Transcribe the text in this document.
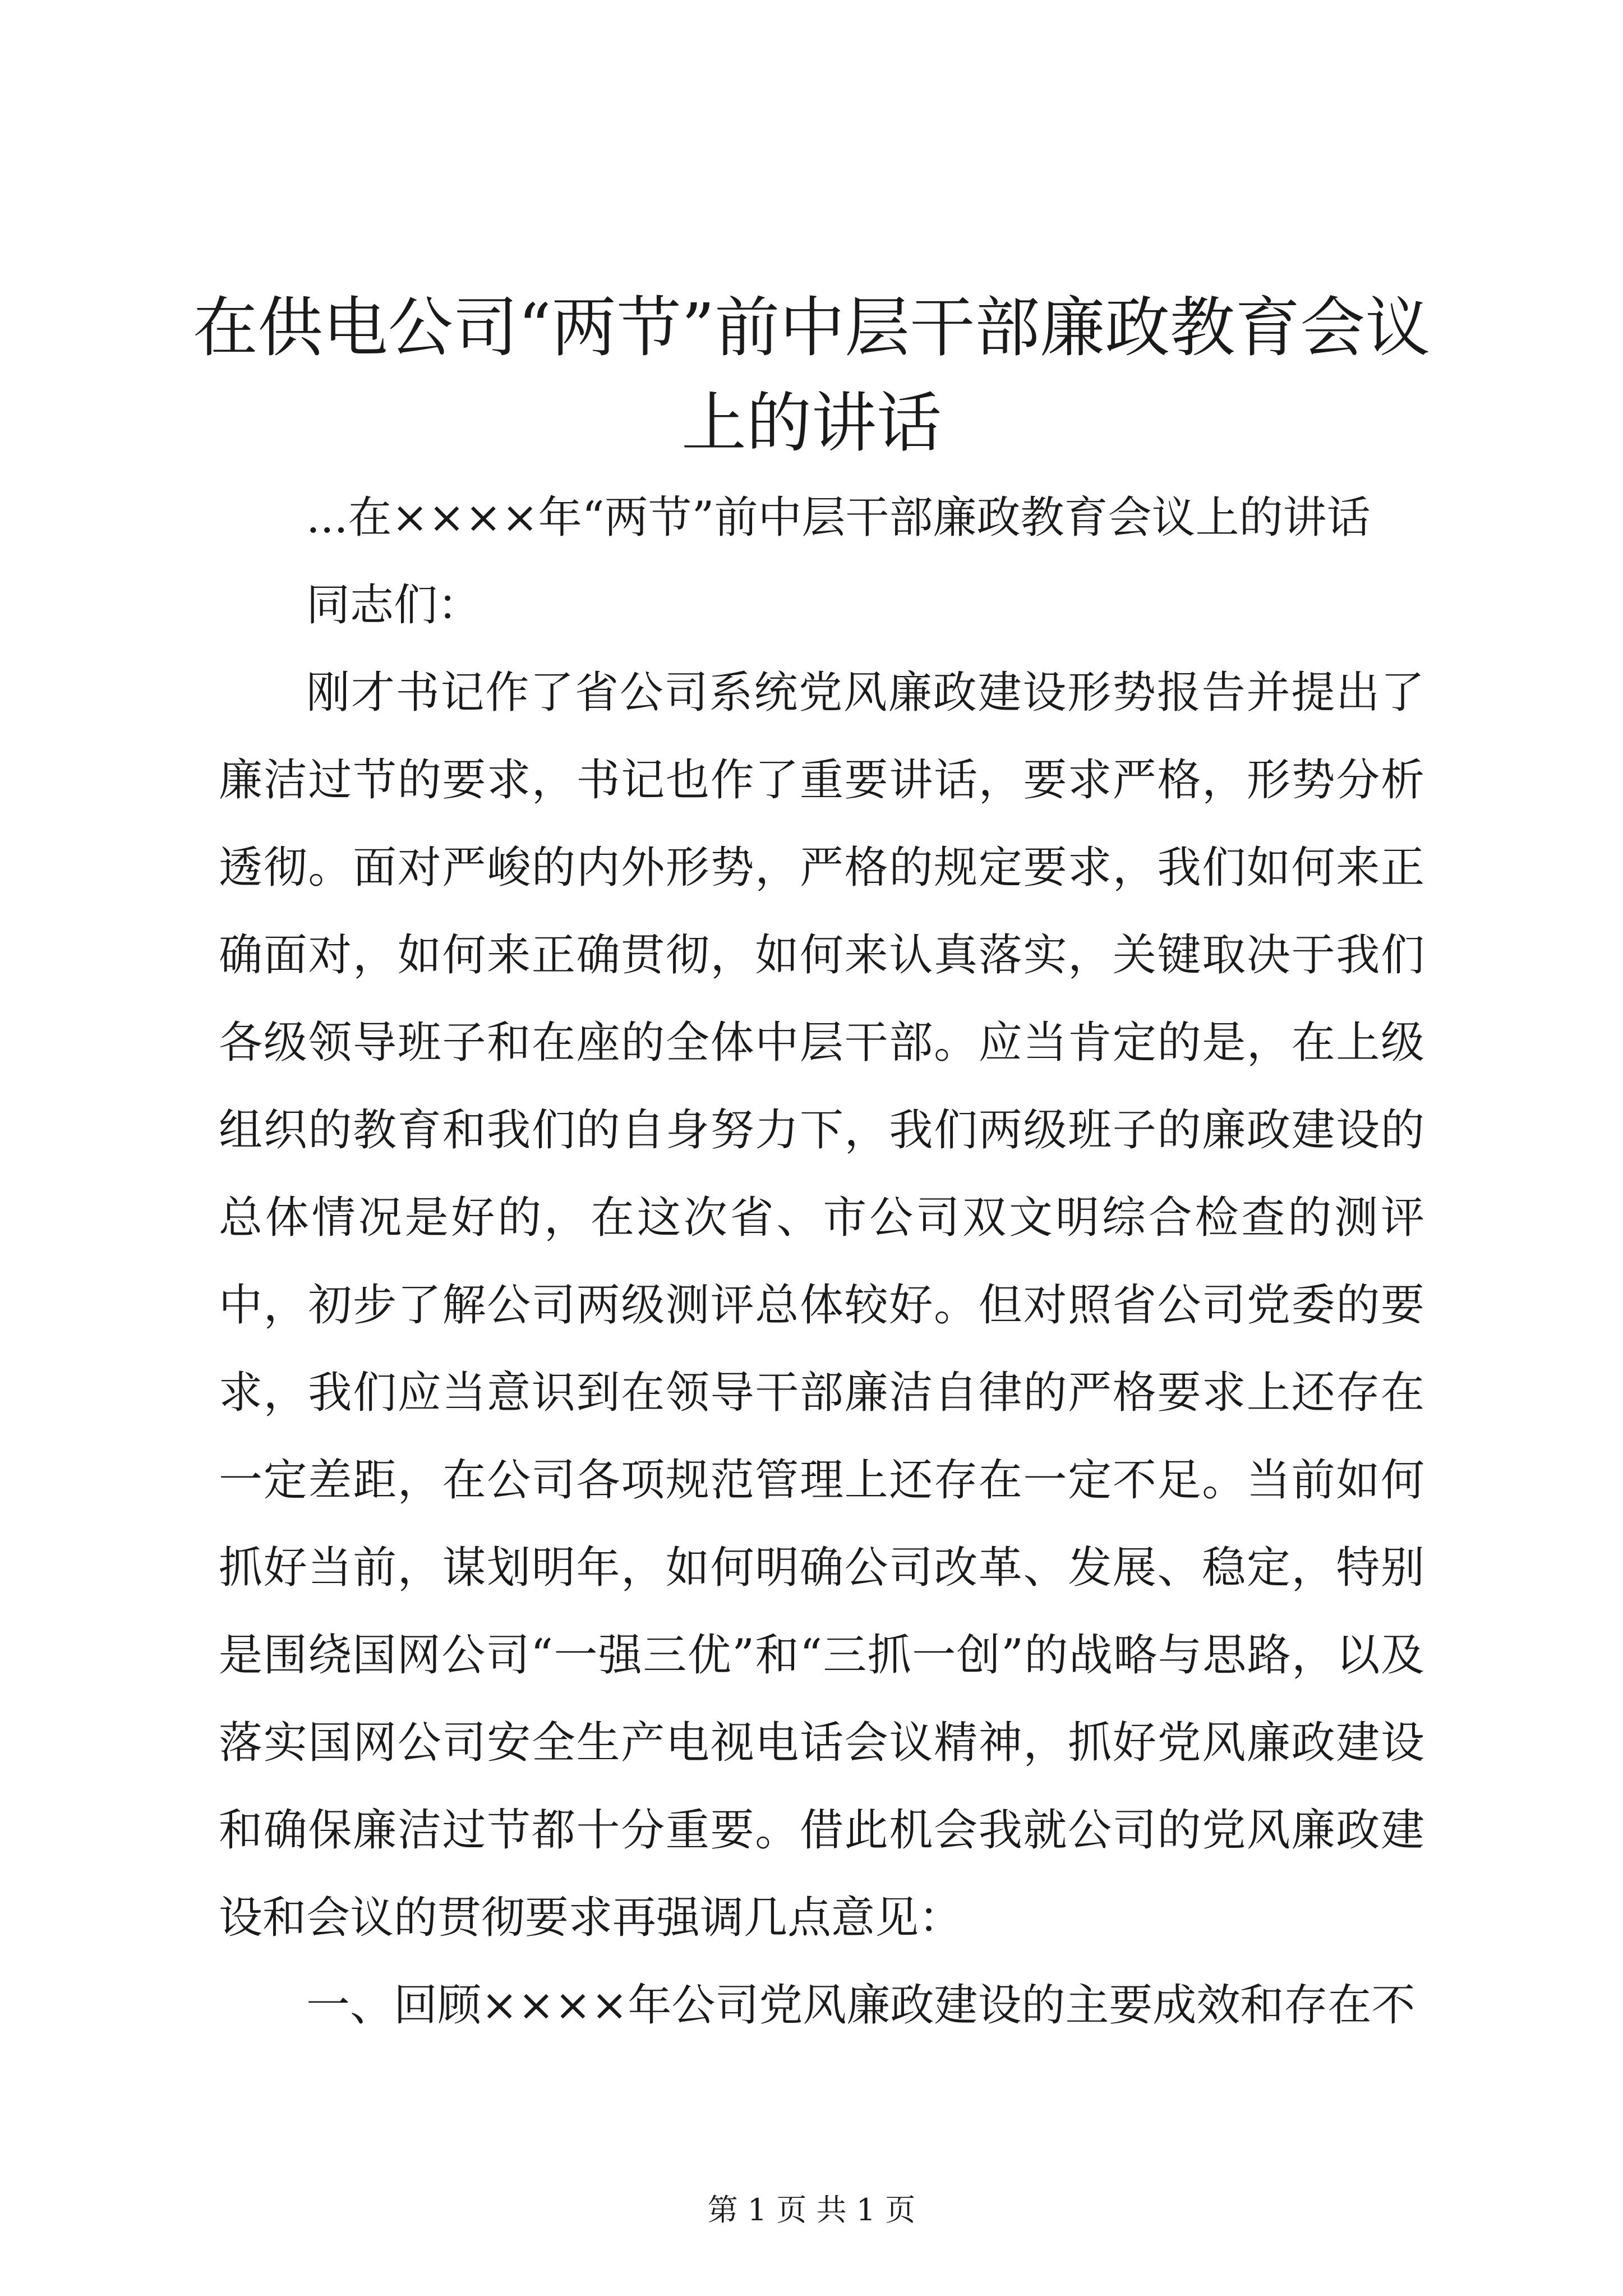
在供电公司“两节”前中层干部廉政教育会议上的讲话

...在××××年“两节”前中层干部廉政教育会议上的讲话

同志们：

刚才书记作了省公司系统党风廉政建设形势报告并提出了廉洁过节的要求，书记也作了重要讲话，要求严格，形势分析透彻。面对严峻的内外形势，严格的规定要求，我们如何来正确面对，如何来正确贯彻，如何来认真落实，关键取决于我们各级领导班子和在座的全体中层干部。应当肯定的是，在上级组织的教育和我们的自身努力下，我们两级班子的廉政建设的总体情况是好的，在这次省、市公司双文明综合检查的测评中，初步了解公司两级测评总体较好。但对照省公司党委的要求，我们应当意识到在领导干部廉洁自律的严格要求上还存在一定差距，在公司各项规范管理上还存在一定不足。当前如何抓好当前，谋划明年，如何明确公司改革、发展、稳定，特别是围绕国网公司“一强三优”和“三抓一创”的战略与思路，以及落实国网公司安全生产电视电话会议精神，抓好党风廉政建设和确保廉洁过节都十分重要。借此机会我就公司的党风廉政建设和会议的贯彻要求再强调几点意见：

一、回顾××××年公司党风廉政建设的主要成效和存在不

第 1 页 共 1 页
